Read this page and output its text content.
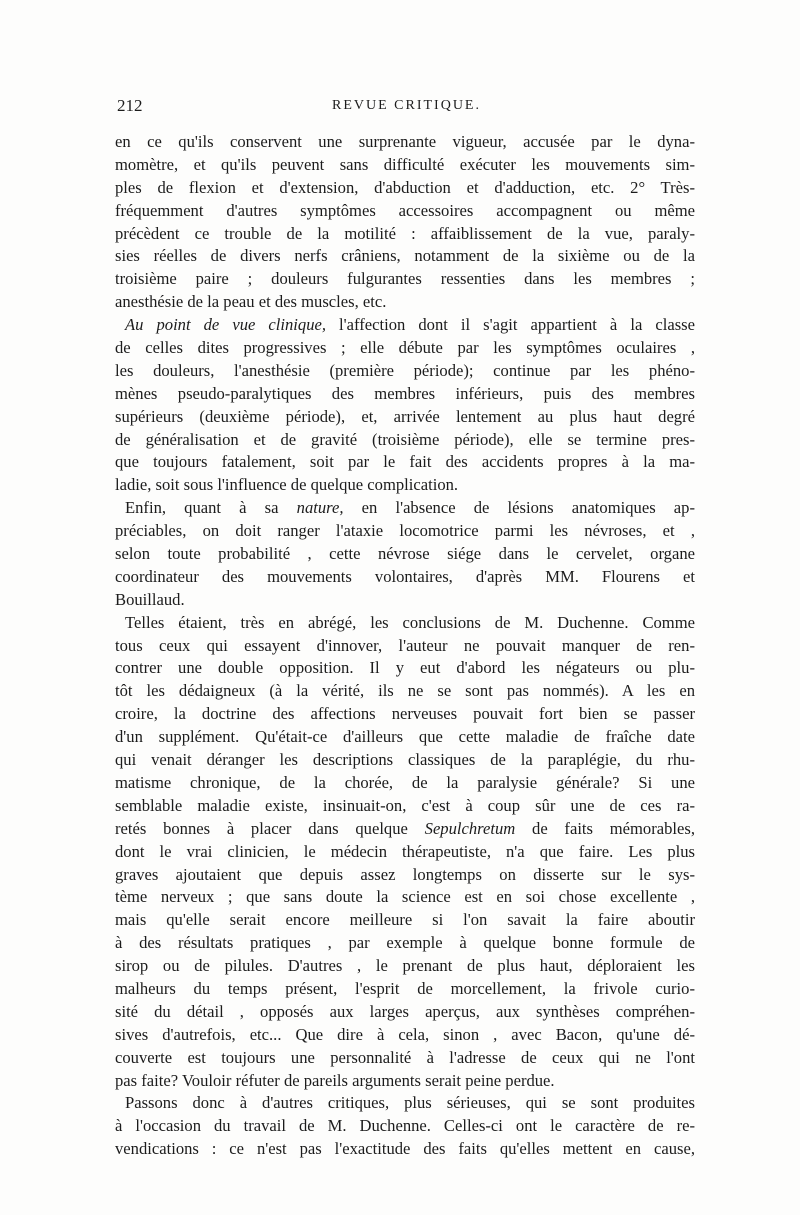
212	REVUE CRITIQUE.
en ce qu'ils conservent une surprenante vigueur, accusée par le dyna-
momètre, et qu'ils peuvent sans difficulté exécuter les mouvements sim-
ples de flexion et d'extension, d'abduction et d'adduction, etc. 2° Très-
fréquemment d'autres symptômes accessoires accompagnent ou même
précèdent ce trouble de la motilité : affaiblissement de la vue, paraly-
sies réelles de divers nerfs crâniens, notamment de la sixième ou de la
troisième paire ; douleurs fulgurantes ressenties dans les membres ;
anesthésie de la peau et des muscles, etc.
Au point de vue clinique, l'affection dont il s'agit appartient à la classe
de celles dites progressives ; elle débute par les symptômes oculaires ,
les douleurs, l'anesthésie (première période); continue par les phéno-
mènes pseudo-paralytiques des membres inférieurs, puis des membres
supérieurs (deuxième période), et, arrivée lentement au plus haut degré
de généralisation et de gravité (troisième période), elle se termine pres-
que toujours fatalement, soit par le fait des accidents propres à la ma-
ladie, soit sous l'influence de quelque complication.
Enfin, quant à sa nature, en l'absence de lésions anatomiques ap-
préciables, on doit ranger l'ataxie locomotrice parmi les névroses, et ,
selon toute probabilité , cette névrose siége dans le cervelet, organe
coordinateur des mouvements volontaires, d'après MM. Flourens et
Bouillaud.
Telles étaient, très en abrégé, les conclusions de M. Duchenne. Comme
tous ceux qui essayent d'innover, l'auteur ne pouvait manquer de ren-
contrer une double opposition. Il y eut d'abord les négateurs ou plu-
tôt les dédaigneux (à la vérité, ils ne se sont pas nommés). A les en
croire, la doctrine des affections nerveuses pouvait fort bien se passer
d'un supplément. Qu'était-ce d'ailleurs que cette maladie de fraîche date
qui venait déranger les descriptions classiques de la paraplégie, du rhu-
matisme chronique, de la chorée, de la paralysie générale? Si une
semblable maladie existe, insinuait-on, c'est à coup sûr une de ces ra-
retés bonnes à placer dans quelque Sepulchretum de faits mémorables,
dont le vrai clinicien, le médecin thérapeutiste, n'a que faire. Les plus
graves ajoutaient que depuis assez longtemps on disserte sur le sys-
tème nerveux ; que sans doute la science est en soi chose excellente ,
mais qu'elle serait encore meilleure si l'on savait la faire aboutir
à des résultats pratiques , par exemple à quelque bonne formule de
sirop ou de pilules. D'autres , le prenant de plus haut, déploraient les
malheurs du temps présent, l'esprit de morcellement, la frivole curio-
sité du détail , opposés aux larges aperçus, aux synthèses compréhen-
sives d'autrefois, etc... Que dire à cela, sinon , avec Bacon, qu'une dé-
couverte est toujours une personnalité à l'adresse de ceux qui ne l'ont
pas faite? Vouloir réfuter de pareils arguments serait peine perdue.
Passons donc à d'autres critiques, plus sérieuses, qui se sont produites
à l'occasion du travail de M. Duchenne. Celles-ci ont le caractère de re-
vendications : ce n'est pas l'exactitude des faits qu'elles mettent en cause,
